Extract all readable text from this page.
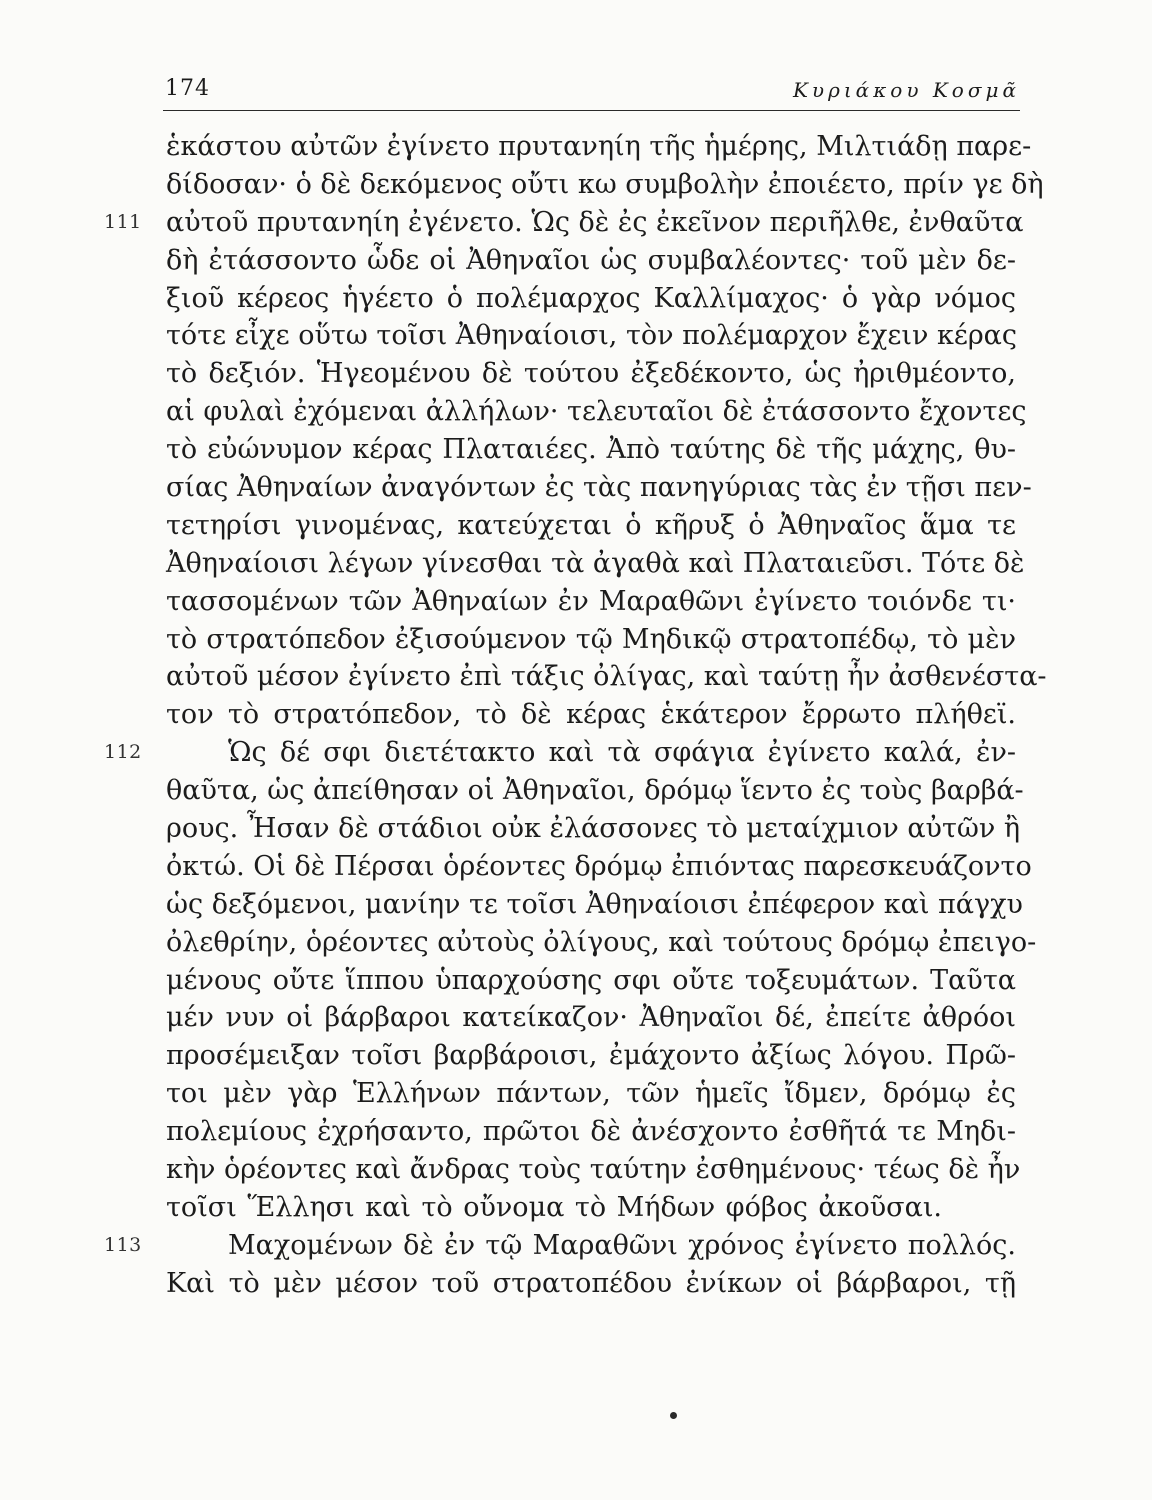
174	Κυριάκου Κοσμᾶ
ἑκάστου αὐτῶν ἐγίνετο πρυτανηίη τῆς ἡμέρης, Μιλτιάδῃ παρε-
δίδοσαν· ὁ δὲ δεκόμενος οὔτι κω συμβολὴν ἐποιέετο, πρίν γε δὴ
111 αὐτοῦ πρυτανηίη ἐγένετο. Ὡς δὲ ἐς ἐκεῖνον περιῆλθε, ἐνθαῦτα
δὴ ἐτάσσοντο ὧδε οἱ Ἀθηναῖοι ὡς συμβαλέοντες· τοῦ μὲν δε-
ξιοῦ κέρεος ἡγέετο ὁ πολέμαρχος Καλλίμαχος· ὁ γὰρ νόμος
τότε εἶχε οὕτω τοῖσι Ἀθηναίοισι, τὸν πολέμαρχον ἔχειν κέρας
τὸ δεξιόν. Ἡγεομένου δὲ τούτου ἐξεδέκοντο, ὡς ἠριθμέοντο,
αἱ φυλαὶ ἐχόμεναι ἀλλήλων· τελευταῖοι δὲ ἐτάσσοντο ἔχοντες
τὸ εὐώνυμον κέρας Πλαταιέες. Ἀπὸ ταύτης δὲ τῆς μάχης, θυ-
σίας Ἀθηναίων ἀναγόντων ἐς τὰς πανηγύριας τὰς ἐν τῇσι πεν-
τετηρίσι γινομένας, κατεύχεται ὁ κῆρυξ ὁ Ἀθηναῖος ἅμα τε
Ἀθηναίοισι λέγων γίνεσθαι τὰ ἀγαθὰ καὶ Πλαταιεῦσι. Τότε δὲ
τασσομένων τῶν Ἀθηναίων ἐν Μαραθῶνι ἐγίνετο τοιόνδε τι·
τὸ στρατόπεδον ἐξισούμενον τῷ Μηδικῷ στρατοπέδῳ, τὸ μὲν
αὐτοῦ μέσον ἐγίνετο ἐπὶ τάξις ὀλίγας, καὶ ταύτῃ ἦν ἀσθενέστα-
τον τὸ στρατόπεδον, τὸ δὲ κέρας ἑκάτερον ἔρρωτο πλήθεϊ.
112	Ὡς δέ σφι διετέτακτο καὶ τὰ σφάγια ἐγίνετο καλά, ἐν-
θαῦτα, ὡς ἀπείθησαν οἱ Ἀθηναῖοι, δρόμῳ ἵεντο ἐς τοὺς βαρβά-
ρους. Ἦσαν δὲ στάδιοι οὐκ ἐλάσσονες τὸ μεταίχμιον αὐτῶν ἢ
ὀκτώ. Οἱ δὲ Πέρσαι ὁρέοντες δρόμῳ ἐπιόντας παρεσκευάζοντο
ὡς δεξόμενοι, μανίην τε τοῖσι Ἀθηναίοισι ἐπέφερον καὶ πάγχυ
ὀλεθρίην, ὁρέοντες αὐτοὺς ὀλίγους, καὶ τούτους δρόμῳ ἐπειγο-
μένους οὔτε ἵππου ὑπαρχούσης σφι οὔτε τοξευμάτων. Ταῦτα
μέν νυν οἱ βάρβαροι κατείκαζον· Ἀθηναῖοι δέ, ἐπείτε ἀθρόοι
προσέμειξαν τοῖσι βαρβάροισι, ἐμάχοντο ἀξίως λόγου. Πρῶ-
τοι μὲν γὰρ Ἑλλήνων πάντων, τῶν ἡμεῖς ἴδμεν, δρόμῳ ἐς
πολεμίους ἐχρήσαντο, πρῶτοι δὲ ἀνέσχοντο ἐσθῆτά τε Μηδι-
κὴν ὁρέοντες καὶ ἄνδρας τοὺς ταύτην ἐσθημένους· τέως δὲ ἦν
τοῖσι Ἕλλησι καὶ τὸ οὔνομα τὸ Μήδων φόβος ἀκοῦσαι.
113	Μαχομένων δὲ ἐν τῷ Μαραθῶνι χρόνος ἐγίνετο πολλός.
Καὶ τὸ μὲν μέσον τοῦ στρατοπέδου ἐνίκων οἱ βάρβαροι, τῇ
